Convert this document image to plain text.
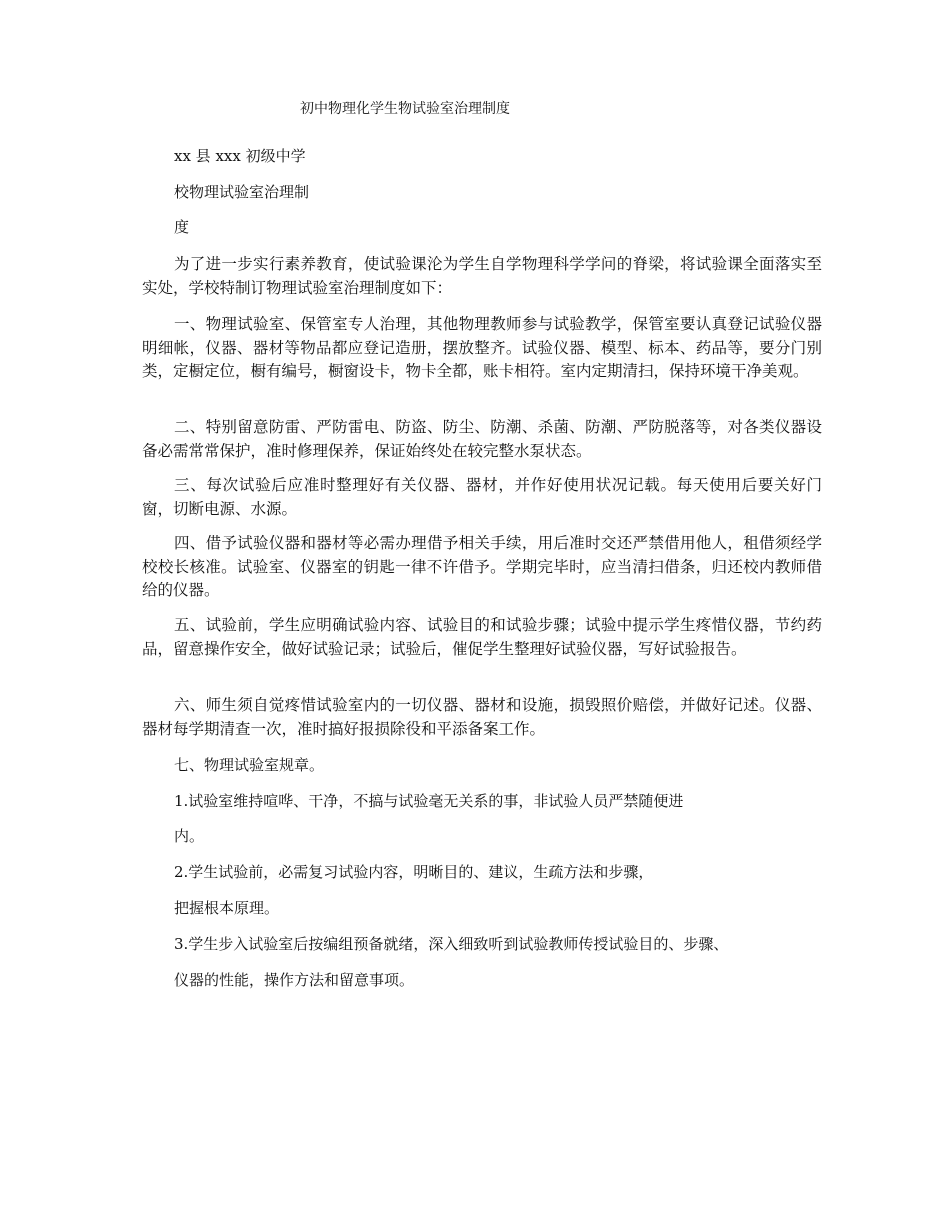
初中物理化学生物试验室治理制度
xx 县 xxx 初级中学
校物理试验室治理制
度
为了进一步实行素养教育，使试验课沦为学生自学物理科学学问的脊梁，将试验课全面落实至实处，学校特制订物理试验室治理制度如下：
一、物理试验室、保管室专人治理，其他物理教师参与试验教学，保管室要认真登记试验仪器明细帐，仪器、器材等物品都应登记造册，摆放整齐。试验仪器、模型、标本、药品等，要分门别类，定橱定位，橱有编号，橱窗设卡，物卡全都，账卡相符。室内定期清扫，保持环境干净美观。
二、特别留意防雷、严防雷电、防盗、防尘、防潮、杀菌、防潮、严防脱落等，对各类仪器设备必需常常保护，准时修理保养，保证始终处在较完整水泵状态。
三、每次试验后应准时整理好有关仪器、器材，并作好使用状况记载。每天使用后要关好门窗，切断电源、水源。
四、借予试验仪器和器材等必需办理借予相关手续，用后准时交还严禁借用他人，租借须经学校校长核准。试验室、仪器室的钥匙一律不许借予。学期完毕时，应当清扫借条，归还校内教师借给的仪器。
五、试验前，学生应明确试验内容、试验目的和试验步骤；试验中提示学生疼惜仪器，节约药品，留意操作安全，做好试验记录；试验后，催促学生整理好试验仪器，写好试验报告。
六、师生须自觉疼惜试验室内的一切仪器、器材和设施，损毁照价赔偿，并做好记述。仪器、器材每学期清查一次，准时搞好报损除役和平添备案工作。
七、物理试验室规章。
1.试验室维持喧哗、干净，不搞与试验毫无关系的事，非试验人员严禁随便进
内。
2.学生试验前，必需复习试验内容，明晰目的、建议，生疏方法和步骤，
把握根本原理。
3.学生步入试验室后按编组预备就绪，深入细致听到试验教师传授试验目的、步骤、
仪器的性能，操作方法和留意事项。
